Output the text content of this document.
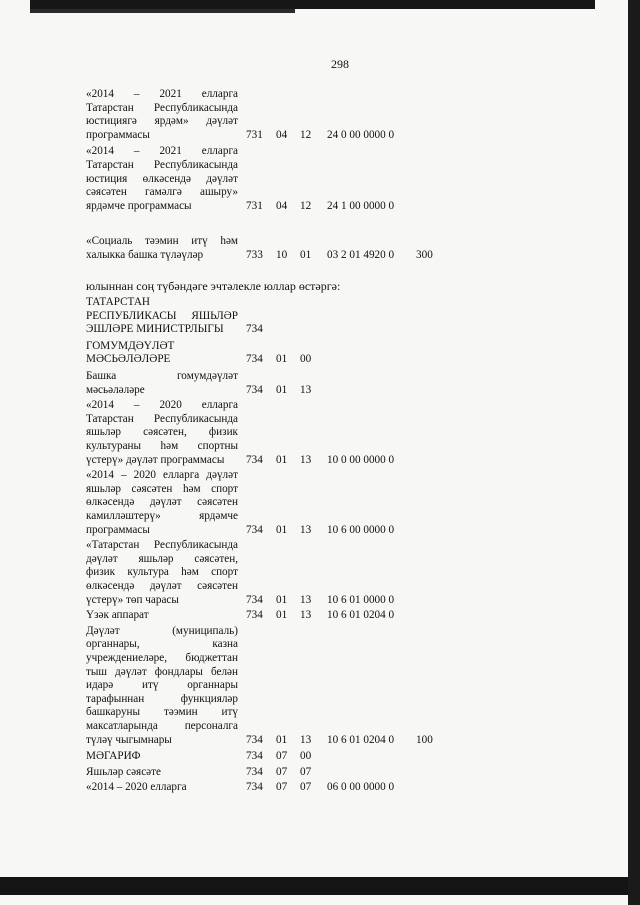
298
юлыннан соң түбәндәге эчтәлекле юллар өстәргә:
«2014 – 2021 елларга
Татарстан Республикасында
юстициягә ярдәм» дәүләт
программасы	731 04 12 24 0 00 0000 0
«2014 – 2021 елларга
Татарстан Республикасында
юстиция өлкәсендә дәүләт
сәясәтен гамәлгә ашыру»
ярдәмче программасы	731 04 12 24 1 00 0000 0
«Социаль тәэмин итү һәм
халыкка башка түләүләр	733 10 01 03 2 01 4920 0 300
ТАТАРСТАН
РЕСПУБЛИКАСЫ ЯШЬЛӘР
ЭШЛӘРЕ МИНИСТРЛЫГЫ	734
ГОМУМДӘҮЛӘТ
МӘСЬӘЛӘЛӘРЕ	734 01 00
Башка гомумдәүләт
мәсьәләләре	734 01 13
«2014 – 2020 елларга
Татарстан Республикасында
яшьләр сәясәтен, физик
культураны һәм спортны
үстерү» дәүләт программасы	734 01 13 10 0 00 0000 0
«2014 – 2020 елларга дәүләт
яшьләр сәясәтен һәм спорт
өлкәсендә дәүләт сәясәтен
камилләштерү» ярдәмче
программасы	734 01 13 10 6 00 0000 0
«Татарстан Республикасында
дәүләт яшьләр сәясәтен,
физик культура һәм спорт
өлкәсендә дәүләт сәясәтен
үстерү» төп чарасы	734 01 13 10 6 01 0000 0
Үзәк аппарат	734 01 13 10 6 01 0204 0
Дәүләт (муниципаль)
органнары, казна
учреждениеләре, бюджеттан
тыш дәүләт фондлары белән
идарә итү органнары
тарафыннан функцияләр
башкаруны тәэмин итү
максатларында персоналга
түләү чыгымнары	734 01 13 10 6 01 0204 0 100
МӘГАРИФ	734 07 00
Яшьләр сәясәте	734 07 07
«2014 – 2020 елларга	734 07 07 06 0 00 0000 0
